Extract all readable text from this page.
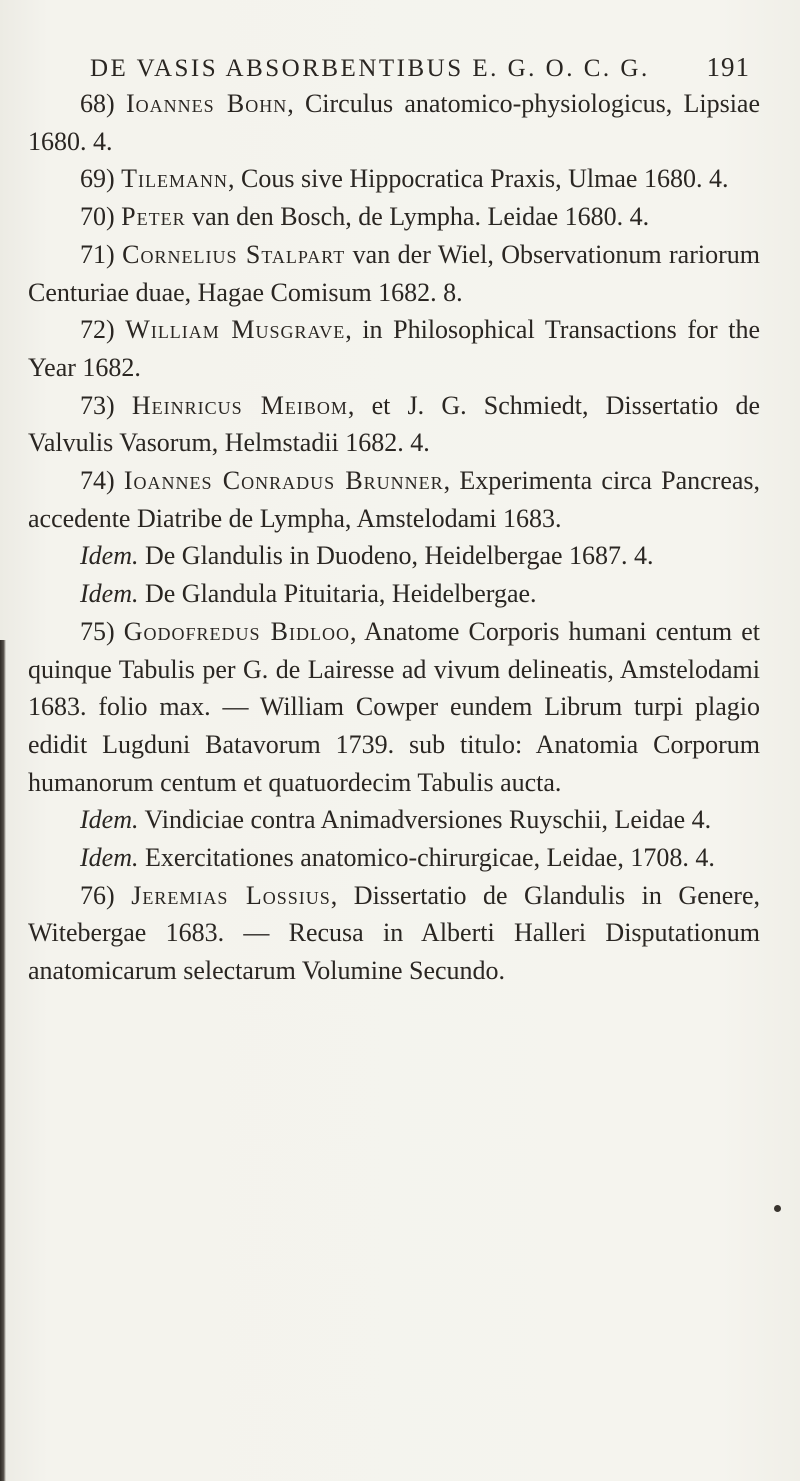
DE VASIS ABSORBENTIBUS E. G. O. C. G. 191

68) Ioannes Bohn, Circulus anatomico-physiologicus, Lipsiae 1680. 4.

69) Tilemann, Cous sive Hippocratica Praxis, Ulmae 1680. 4.

70) Peter van den Bosch, de Lympha. Leidae 1680. 4.

71) Cornelius Stalpart van der Wiel, Observationum rariorum Centuriae duae, Hagae Comisum 1682. 8.

72) William Musgrave, in Philosophical Transactions for the Year 1682.

73) Heinricus Meibom, et J. G. Schmiedt, Dissertatio de Valvulis Vasorum, Helmstadii 1682. 4.

74) Ioannes Conradus Brunner, Experimenta circa Pancreas, accedente Diatribe de Lympha, Amstelodami 1683.

Idem. De Glandulis in Duodeno, Heidelbergae 1687. 4.

Idem. De Glandula Pituitaria, Heidelbergae.

75) Godofredus Bidloo, Anatome Corporis humani centum et quinque Tabulis per G. de Lairesse ad vivum delineatis, Amstelodami 1683. folio max. — William Cowper eundem Librum turpi plagio edidit Lugduni Batavorum 1739. sub titulo: Anatomia Corporum humanorum centum et quatuordecim Tabulis aucta.

Idem. Vindiciae contra Animadversiones Ruyschii, Leidae 4.

Idem. Exercitationes anatomico-chirurgicae, Leidae, 1708. 4.

76) Jeremias Lossius, Dissertatio de Glandulis in Genere, Witebergae 1683. — Recusa in Alberti Halleri Disputationum anatomicarum selectarum Volumine Secundo.
